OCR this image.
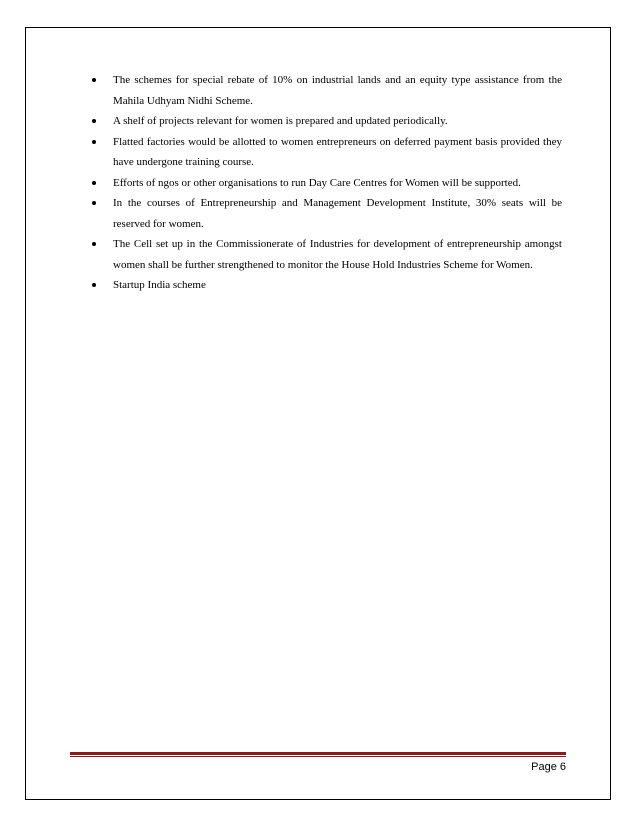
The schemes for special rebate of 10% on industrial lands and an equity type assistance from the Mahila Udhyam Nidhi Scheme.
A shelf of projects relevant for women is prepared and updated periodically.
Flatted factories would be allotted to women entrepreneurs on deferred payment basis provided they have undergone training course.
Efforts of ngos or other organisations to run Day Care Centres for Women will be supported.
In the courses of Entrepreneurship and Management Development Institute, 30% seats will be reserved for women.
The Cell set up in the Commissionerate of Industries for development of entrepreneurship amongst women shall be further strengthened to monitor the House Hold Industries Scheme for Women.
Startup India scheme
Page 6
